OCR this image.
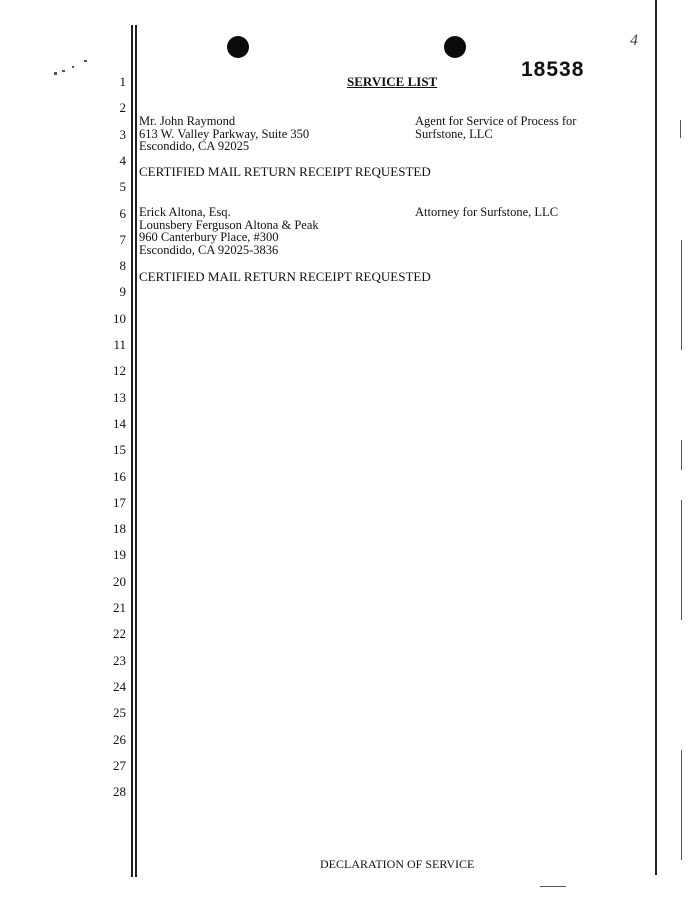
4
18538
SERVICE LIST
1
2
3
4
5
6
7
8
9
10
11
12
13
14
15
16
17
18
19
20
21
22
23
24
25
26
27
28
Mr. John Raymond
613 W. Valley Parkway, Suite 350
Escondido, CA 92025
Agent for Service of Process for
Surfstone, LLC
CERTIFIED MAIL RETURN RECEIPT REQUESTED
Erick Altona, Esq.
Lounsbery Ferguson Altona & Peak
960 Canterbury Place, #300
Escondido, CA 92025-3836
Attorney for Surfstone, LLC
CERTIFIED MAIL RETURN RECEIPT REQUESTED
DECLARATION OF SERVICE
